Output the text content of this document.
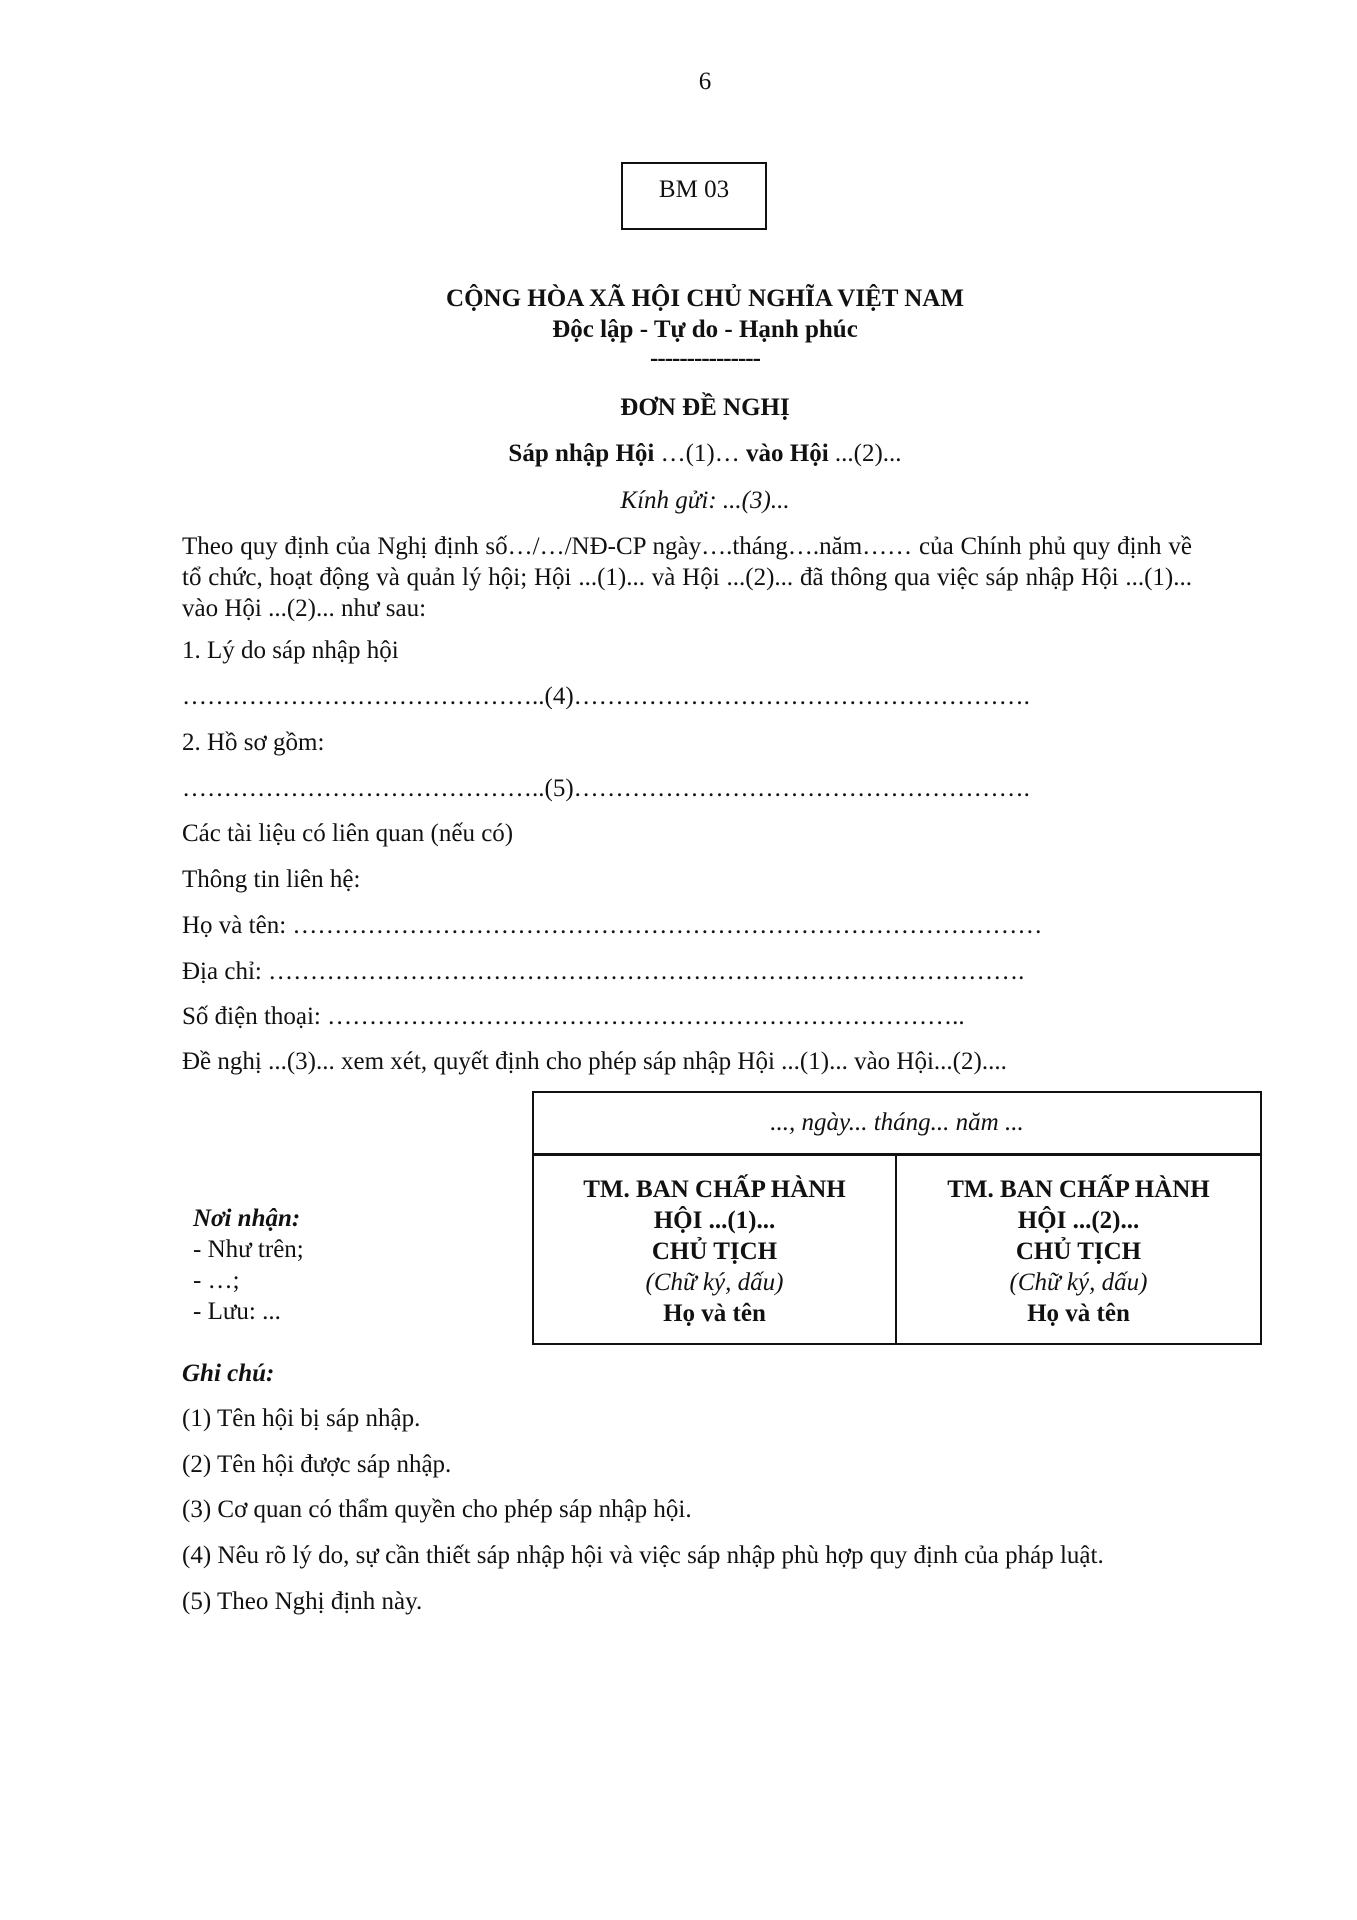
6
BM 03
CỘNG HÒA XÃ HỘI CHỦ NGHĨA VIỆT NAM
Độc lập - Tự do - Hạnh phúc
---------------
ĐƠN ĐỀ NGHỊ
Sáp nhập Hội …(1)… vào Hội ...(2)...
Kính gửi: ...(3)...
Theo quy định của Nghị định số…/…/NĐ-CP ngày….tháng….năm…… của Chính phủ quy định về tổ chức, hoạt động và quản lý hội; Hội ...(1)... và Hội ...(2)... đã thông qua việc sáp nhập Hội ...(1)... vào Hội ...(2)... như sau:
1. Lý do sáp nhập hội
……………………………………..(4)……………………………………………….
2. Hồ sơ gồm:
……………………………………..(5)……………………………………………….
Các tài liệu có liên quan (nếu có)
Thông tin liên hệ:
Họ và tên: ………………………………………………………………………………
Địa chỉ: ……………………………………………………………………………….
Số điện thoại: …………………………………………………………………..
Đề nghị ...(3)... xem xét, quyết định cho phép sáp nhập Hội ...(1)... vào Hội...(2)....
..., ngày... tháng... năm ...
TM. BAN CHẤP HÀNH
HỘI ...(1)...
CHỦ TỊCH
(Chữ ký, dấu)
Họ và tên
TM. BAN CHẤP HÀNH
HỘI ...(2)...
CHỦ TỊCH
(Chữ ký, dấu)
Họ và tên
Nơi nhận:
- Như trên;
- …;
- Lưu: ...
Ghi chú:
(1) Tên hội bị sáp nhập.
(2) Tên hội được sáp nhập.
(3) Cơ quan có thẩm quyền cho phép sáp nhập hội.
(4) Nêu rõ lý do, sự cần thiết sáp nhập hội và việc sáp nhập phù hợp quy định của pháp luật.
(5) Theo Nghị định này.
